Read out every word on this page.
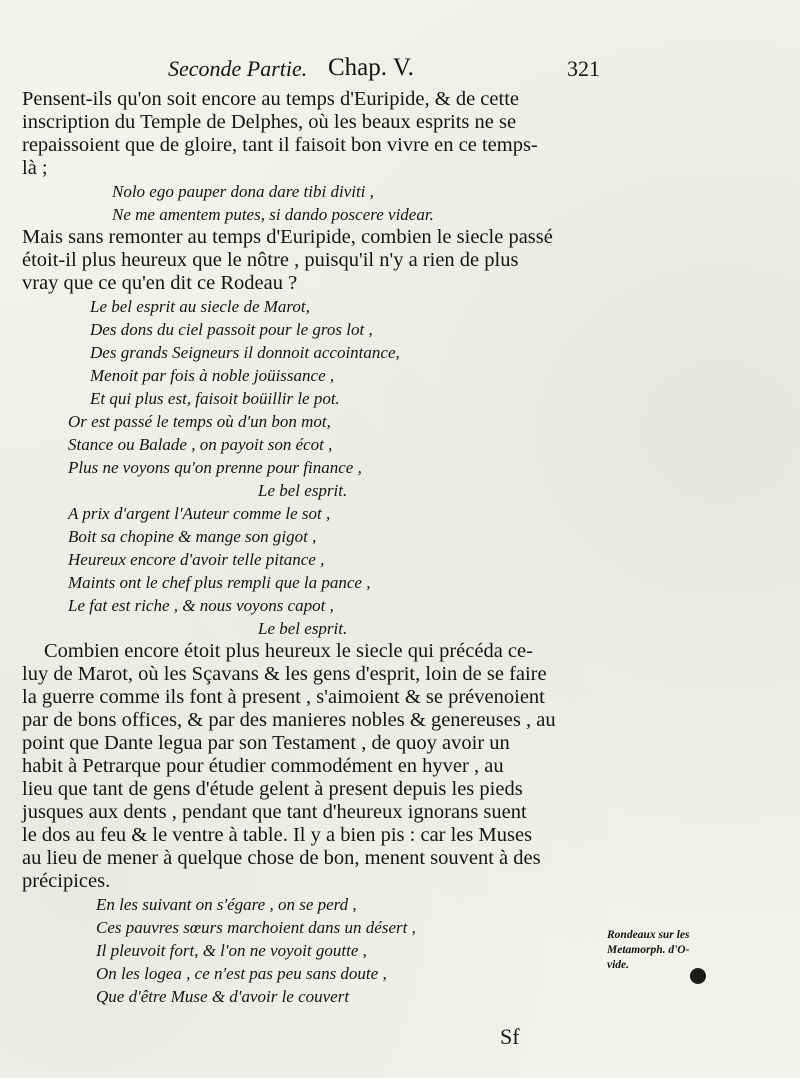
Seconde Partie. Chap. V.	321
Pensent-ils qu'on soit encore au temps d'Euripide, & de cette
inscription du Temple de Delphes, où les beaux esprits ne se
repaissoient que de gloire, tant il faisoit bon vivre en ce temps-
là ;
Nolo ego pauper dona dare tibi diviti ,
Ne me amentem putes, si dando poscere videar.
Mais sans remonter au temps d'Euripide, combien le siecle passé
étoit-il plus heureux que le nôtre , puisqu'il n'y a rien de plus
vray que ce qu'en dit ce Rodeau ?
Le bel esprit au siecle de Marot,
Des dons du ciel passoit pour le gros lot ,
Des grands Seigneurs il donnoit accointance,
Menoit par fois à noble joüissance ,
Et qui plus est, faisoit boüillir le pot.
Or est passé le temps où d'un bon mot,
Stance ou Balade , on payoit son écot ,
Plus ne voyons qu'on prenne pour finance ,
Le bel esprit.
A prix d'argent l'Auteur comme le sot ,
Boit sa chopine & mange son gigot ,
Heureux encore d'avoir telle pitance ,
Maints ont le chef plus rempli que la pance ,
Le fat est riche , & nous voyons capot ,
Le bel esprit.
Combien encore étoit plus heureux le siecle qui précéda ce-
luy de Marot, où les Sçavans & les gens d'esprit, loin de se faire
la guerre comme ils font à present , s'aimoient & se prévenoient
par de bons offices, & par des manieres nobles & genereuses , au
point que Dante legua par son Testament , de quoy avoir un
habit à Petrarque pour étudier commodément en hyver , au
lieu que tant de gens d'étude gelent à present depuis les pieds
jusques aux dents , pendant que tant d'heureux ignorans suent
le dos au feu & le ventre à table. Il y a bien pis : car les Muses
au lieu de mener à quelque chose de bon, menent souvent à des
précipices.
En les suivant on s'égare , on se perd ,
Ces pauvres sœurs marchoient dans un désert ,
Il pleuvoit fort, & l'on ne voyoit goutte ,
On les logea , ce n'est pas peu sans doute ,
Que d'être Muse & d'avoir le couvert
Rondeaux sur les
Metamorph. d'O-
vide.
Sf
